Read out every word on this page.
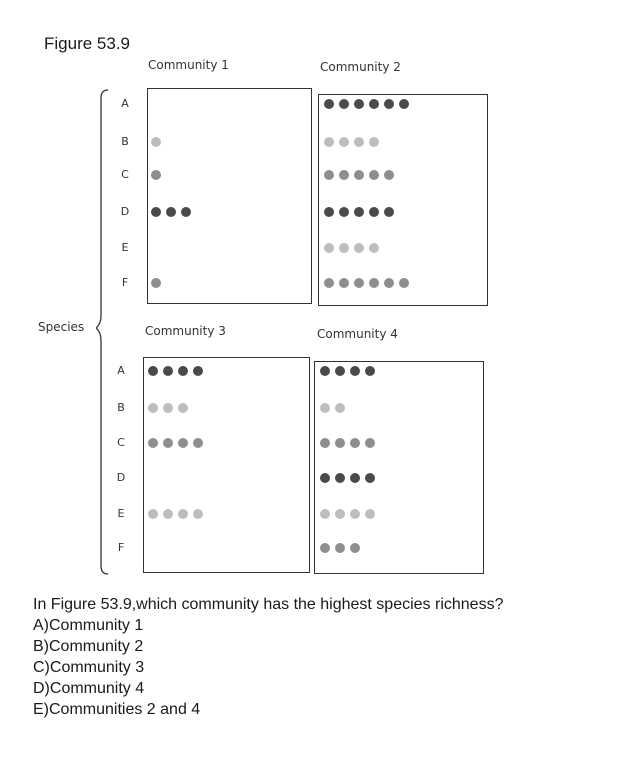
Figure 53.9
Species
Community 1
A
B
C
D
E
F
Community 2
Community 3
A
B
C
D
E
F
Community 4

In Figure 53.9,which community has the highest species richness?

A)Community 1

B)Community 2

C)Community 3

D)Community 4

E)Communities 2 and 4
